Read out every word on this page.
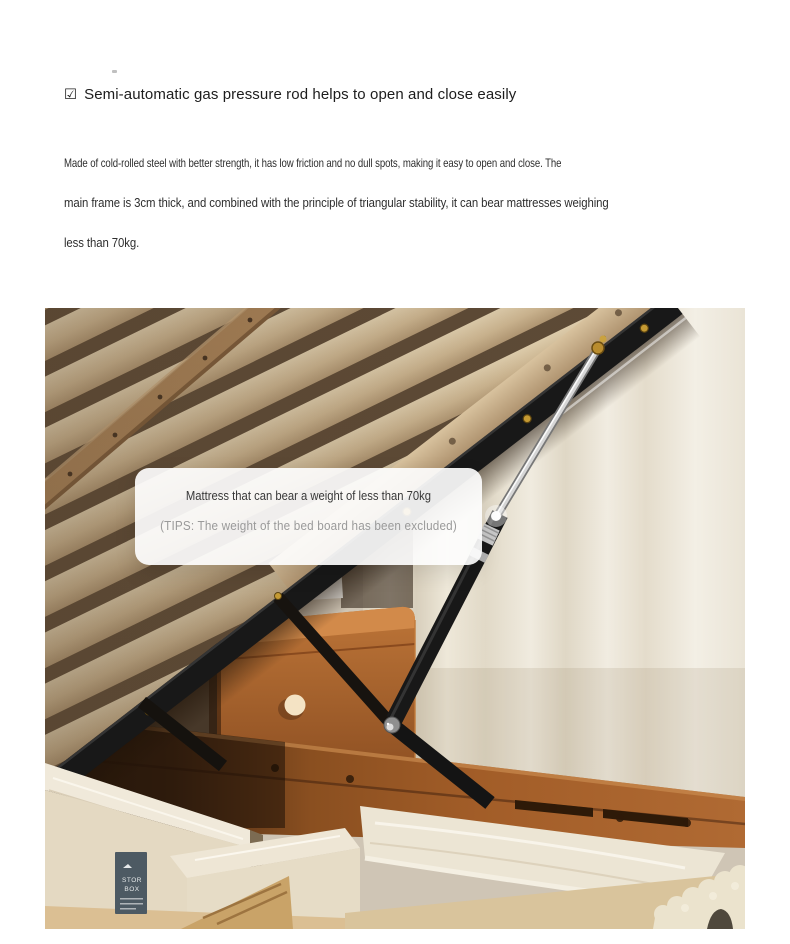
☑ Semi-automatic gas pressure rod helps to open and close easily
Made of cold-rolled steel with better strength, it has low friction and no dull spots, making it easy to open and close. The
main frame is 3cm thick, and combined with the principle of triangular stability, it can bear mattresses weighing
less than 70kg.
STOR
BOX
Mattress that can bear a weight of less than 70kg
(TIPS: The weight of the bed board has been excluded)
